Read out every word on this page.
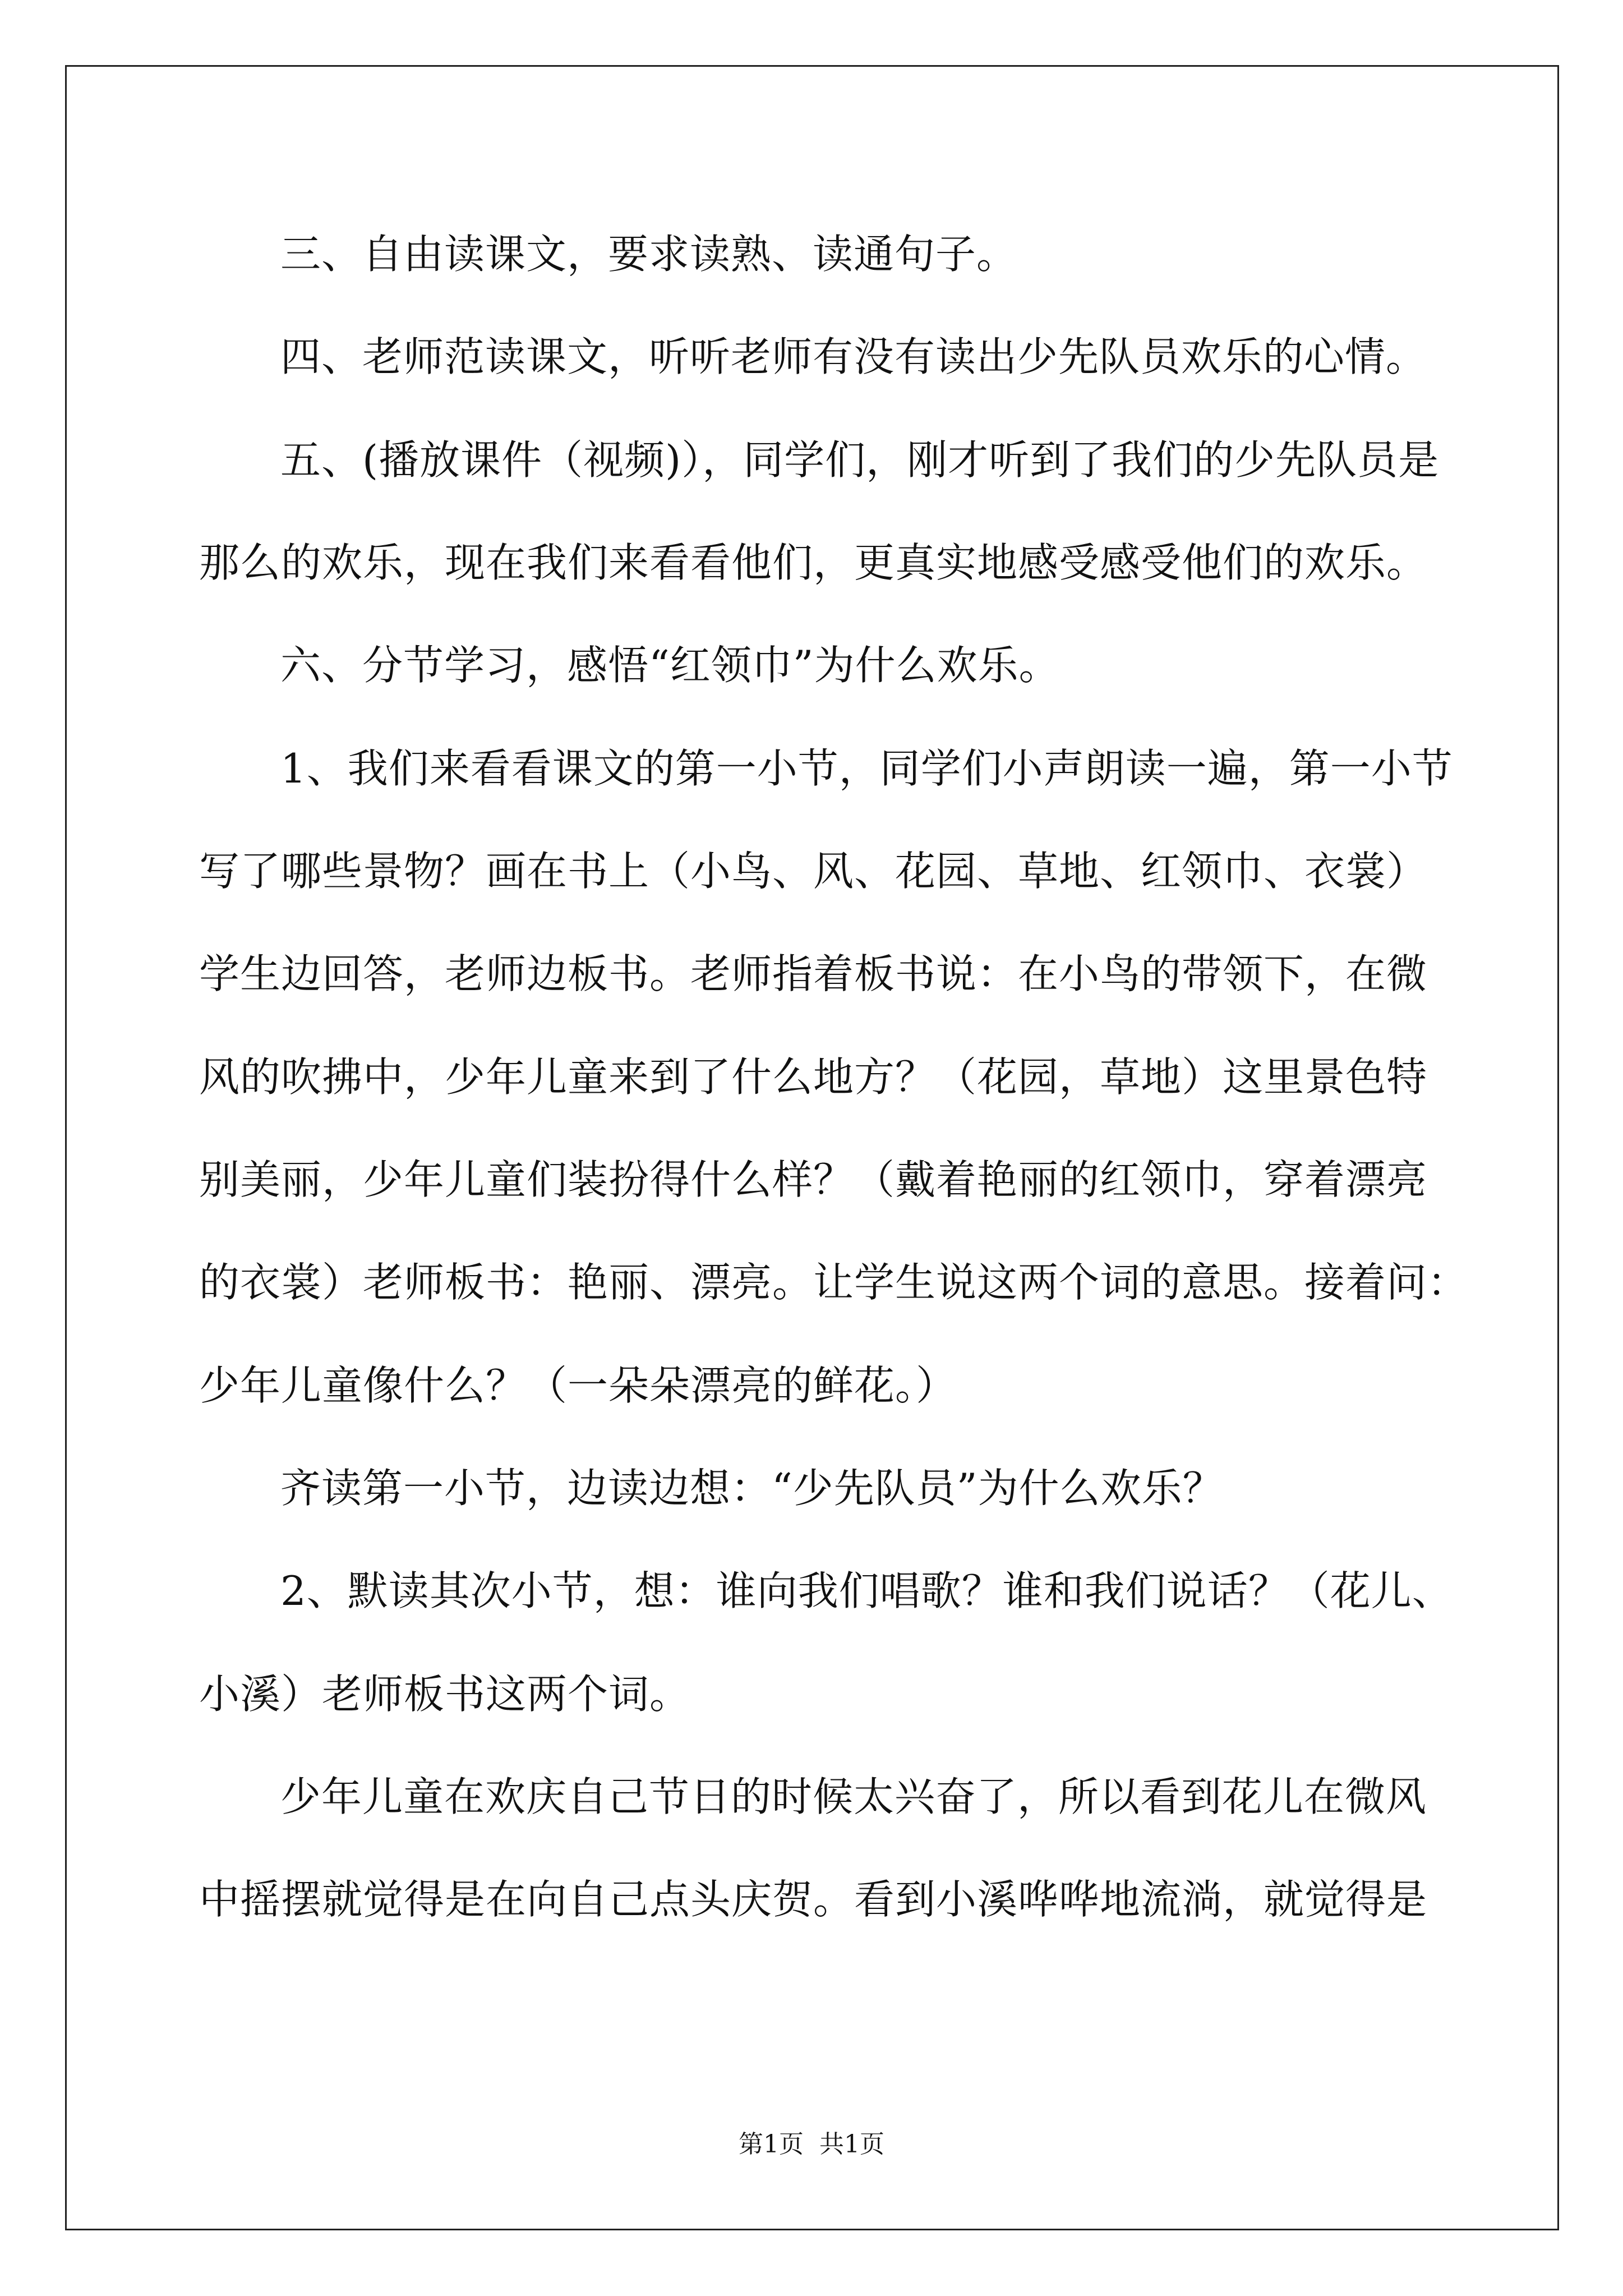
三、自由读课文，要求读熟、读通句子。

四、老师范读课文，听听老师有没有读出少先队员欢乐的心情。

五、(播放课件（视频)），同学们，刚才听到了我们的少先队员是

那么的欢乐，现在我们来看看他们，更真实地感受感受他们的欢乐。

六、分节学习，感悟“红领巾”为什么欢乐。

1、我们来看看课文的第一小节，同学们小声朗读一遍，第一小节

写了哪些景物？画在书上（小鸟、风、花园、草地、红领巾、衣裳）

学生边回答，老师边板书。老师指着板书说：在小鸟的带领下，在微

风的吹拂中，少年儿童来到了什么地方？（花园，草地）这里景色特

别美丽，少年儿童们装扮得什么样？（戴着艳丽的红领巾，穿着漂亮

的衣裳）老师板书：艳丽、漂亮。让学生说这两个词的意思。接着问：

少年儿童像什么？（一朵朵漂亮的鲜花。）

齐读第一小节，边读边想：“少先队员”为什么欢乐？

2、默读其次小节，想：谁向我们唱歌？谁和我们说话？（花儿、

小溪）老师板书这两个词。

少年儿童在欢庆自己节日的时候太兴奋了，所以看到花儿在微风

中摇摆就觉得是在向自己点头庆贺。看到小溪哗哗地流淌，就觉得是

第1页 共1页
